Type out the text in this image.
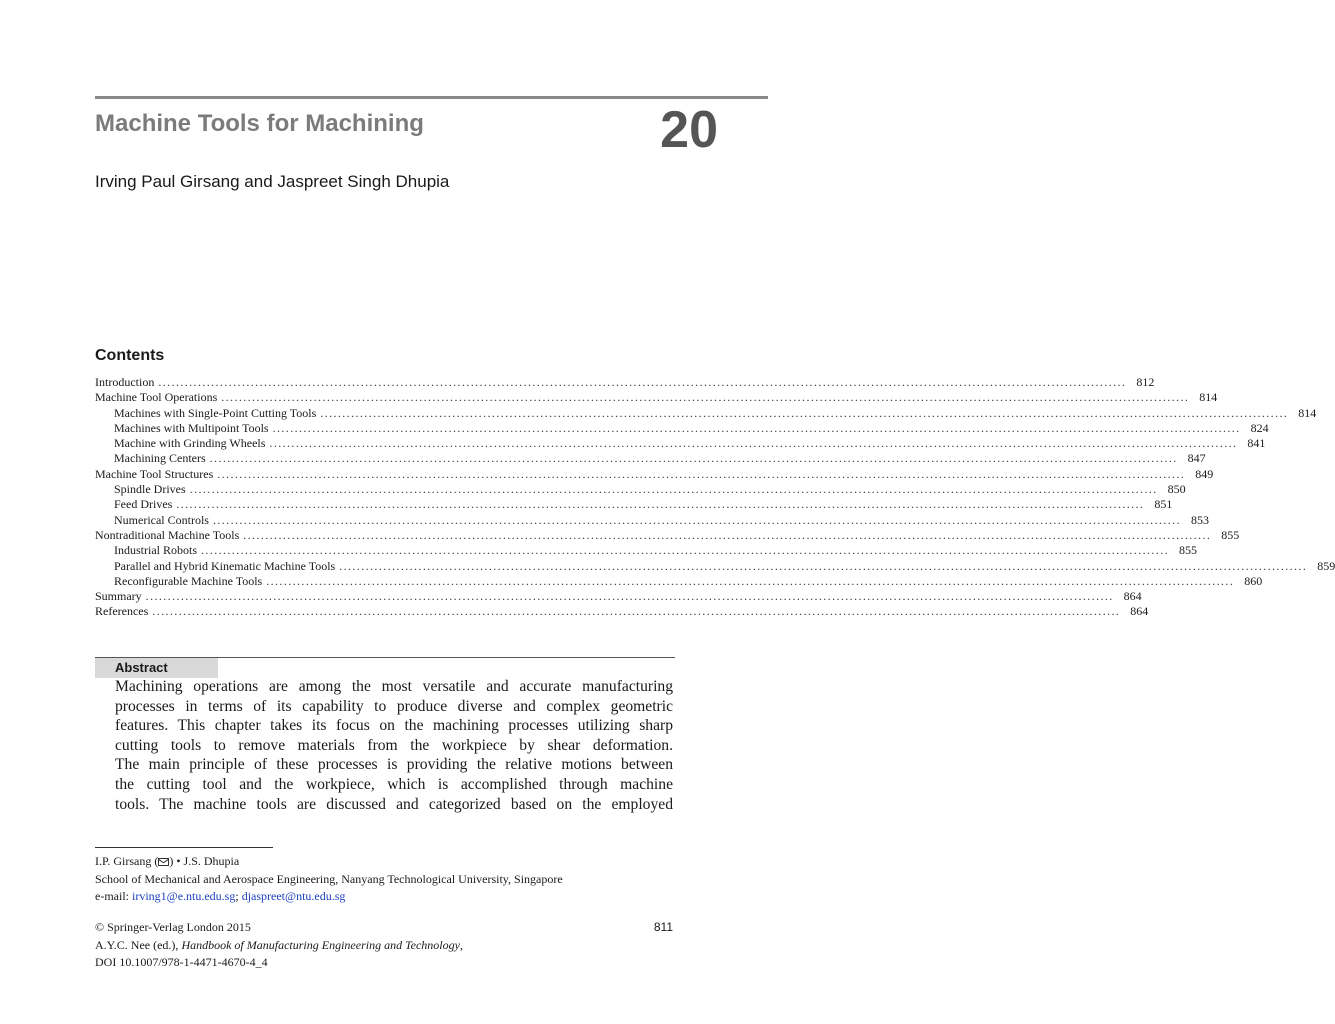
Machine Tools for Machining	20
Irving Paul Girsang and Jaspreet Singh Dhupia
Contents
Introduction ............................................................................................................................................................................................................................ 812
Machine Tool Operations ............................................................................................................................................................................................................................ 814
Machines with Single-Point Cutting Tools ............................................................................................................................................................................................................................ 814
Machines with Multipoint Tools ............................................................................................................................................................................................................................ 824
Machine with Grinding Wheels ............................................................................................................................................................................................................................ 841
Machining Centers ............................................................................................................................................................................................................................ 847
Machine Tool Structures ............................................................................................................................................................................................................................ 849
Spindle Drives ............................................................................................................................................................................................................................ 850
Feed Drives ............................................................................................................................................................................................................................ 851
Numerical Controls ............................................................................................................................................................................................................................ 853
Nontraditional Machine Tools ............................................................................................................................................................................................................................ 855
Industrial Robots ............................................................................................................................................................................................................................ 855
Parallel and Hybrid Kinematic Machine Tools ............................................................................................................................................................................................................................ 859
Reconfigurable Machine Tools ............................................................................................................................................................................................................................ 860
Summary ............................................................................................................................................................................................................................ 864
References ............................................................................................................................................................................................................................ 864
Abstract
Machining operations are among the most versatile and accurate manufacturing
processes in terms of its capability to produce diverse and complex geometric
features. This chapter takes its focus on the machining processes utilizing sharp
cutting tools to remove materials from the workpiece by shear deformation.
The main principle of these processes is providing the relative motions between
the cutting tool and the workpiece, which is accomplished through machine
tools. The machine tools are discussed and categorized based on the employed
I.P. Girsang ( ) • J.S. Dhupia
School of Mechanical and Aerospace Engineering, Nanyang Technological University, Singapore
e-mail: irving1@e.ntu.edu.sg; djaspreet@ntu.edu.sg
© Springer-Verlag London 2015
A.Y.C. Nee (ed.), Handbook of Manufacturing Engineering and Technology,
DOI 10.1007/978-1-4471-4670-4_4
811
